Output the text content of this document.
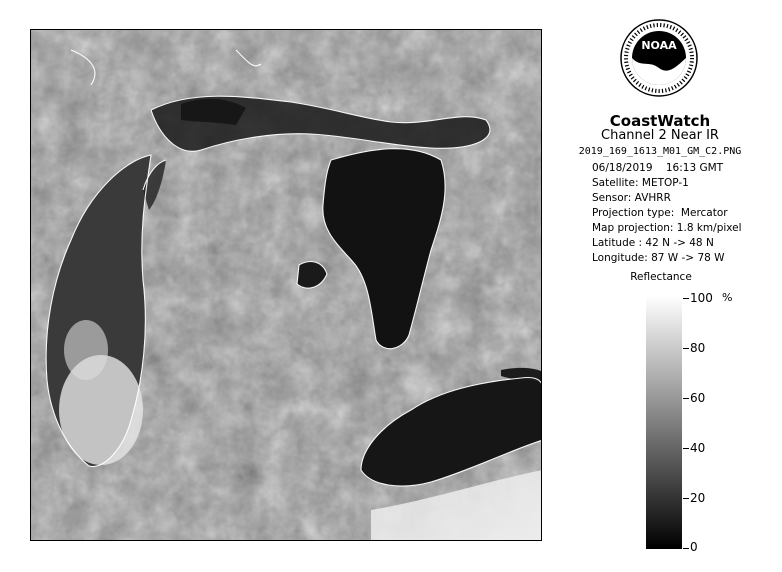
NOAA
CoastWatch
Channel 2 Near IR
2019_169_1613_M01_GM_C2.PNG
06/18/2019    16:13 GMT
Satellite: METOP-1
Sensor: AVHRR
Projection type:  Mercator
Map projection: 1.8 km/pixel
Latitude : 42 N -> 48 N
Longitude: 87 W -> 78 W
Reflectance
%
100
80
60
40
20
0
